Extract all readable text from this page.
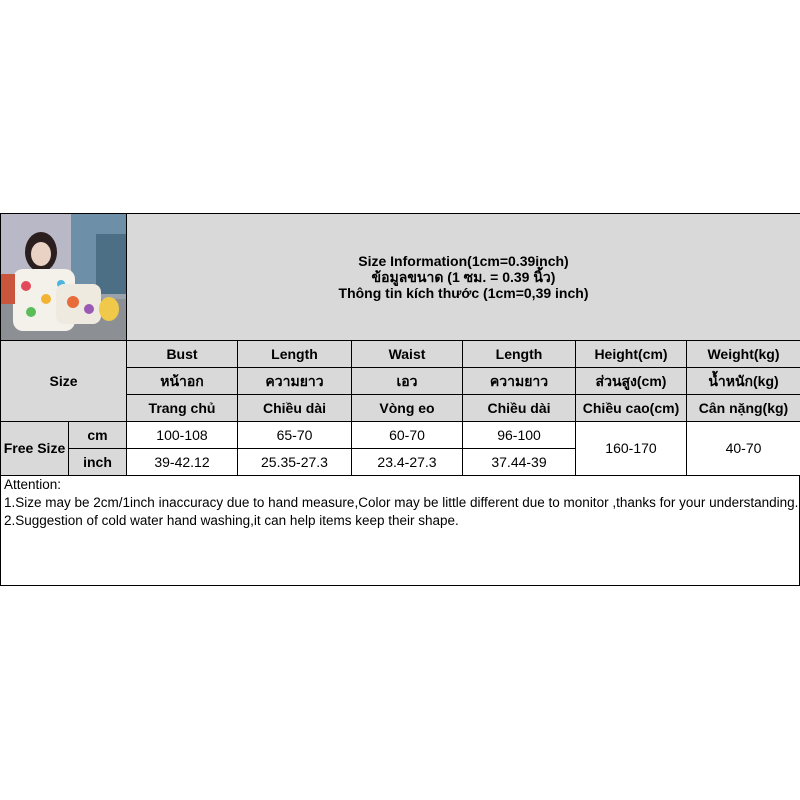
Size Information(1cm=0.39inch)
ข้อมูลขนาด (1 ซม. = 0.39 นิ้ว)
Thông tin kích thước (1cm=0,39 inch)					

Size		Bust	Length	Waist	Length	Height(cm)	Weight(kg)
		หน้าอก	ความยาว	เอว	ความยาว	ส่วนสูง(cm)	น้ำหนัก(kg)
		Trang chủ	Chiều dài	Vòng eo	Chiều dài	Chiều cao(cm)	Cân nặng(kg)
Free Size	cm	100-108	65-70	60-70	96-100	160-170	40-70
	inch	39-42.12	25.35-27.3	23.4-27.3	37.44-39		
Attention:
1.Size may be 2cm/1inch inaccuracy due to hand measure,Color may be little different due to monitor ,thanks for your understanding.
2.Suggestion of cold water hand washing,it can help items keep their shape.
